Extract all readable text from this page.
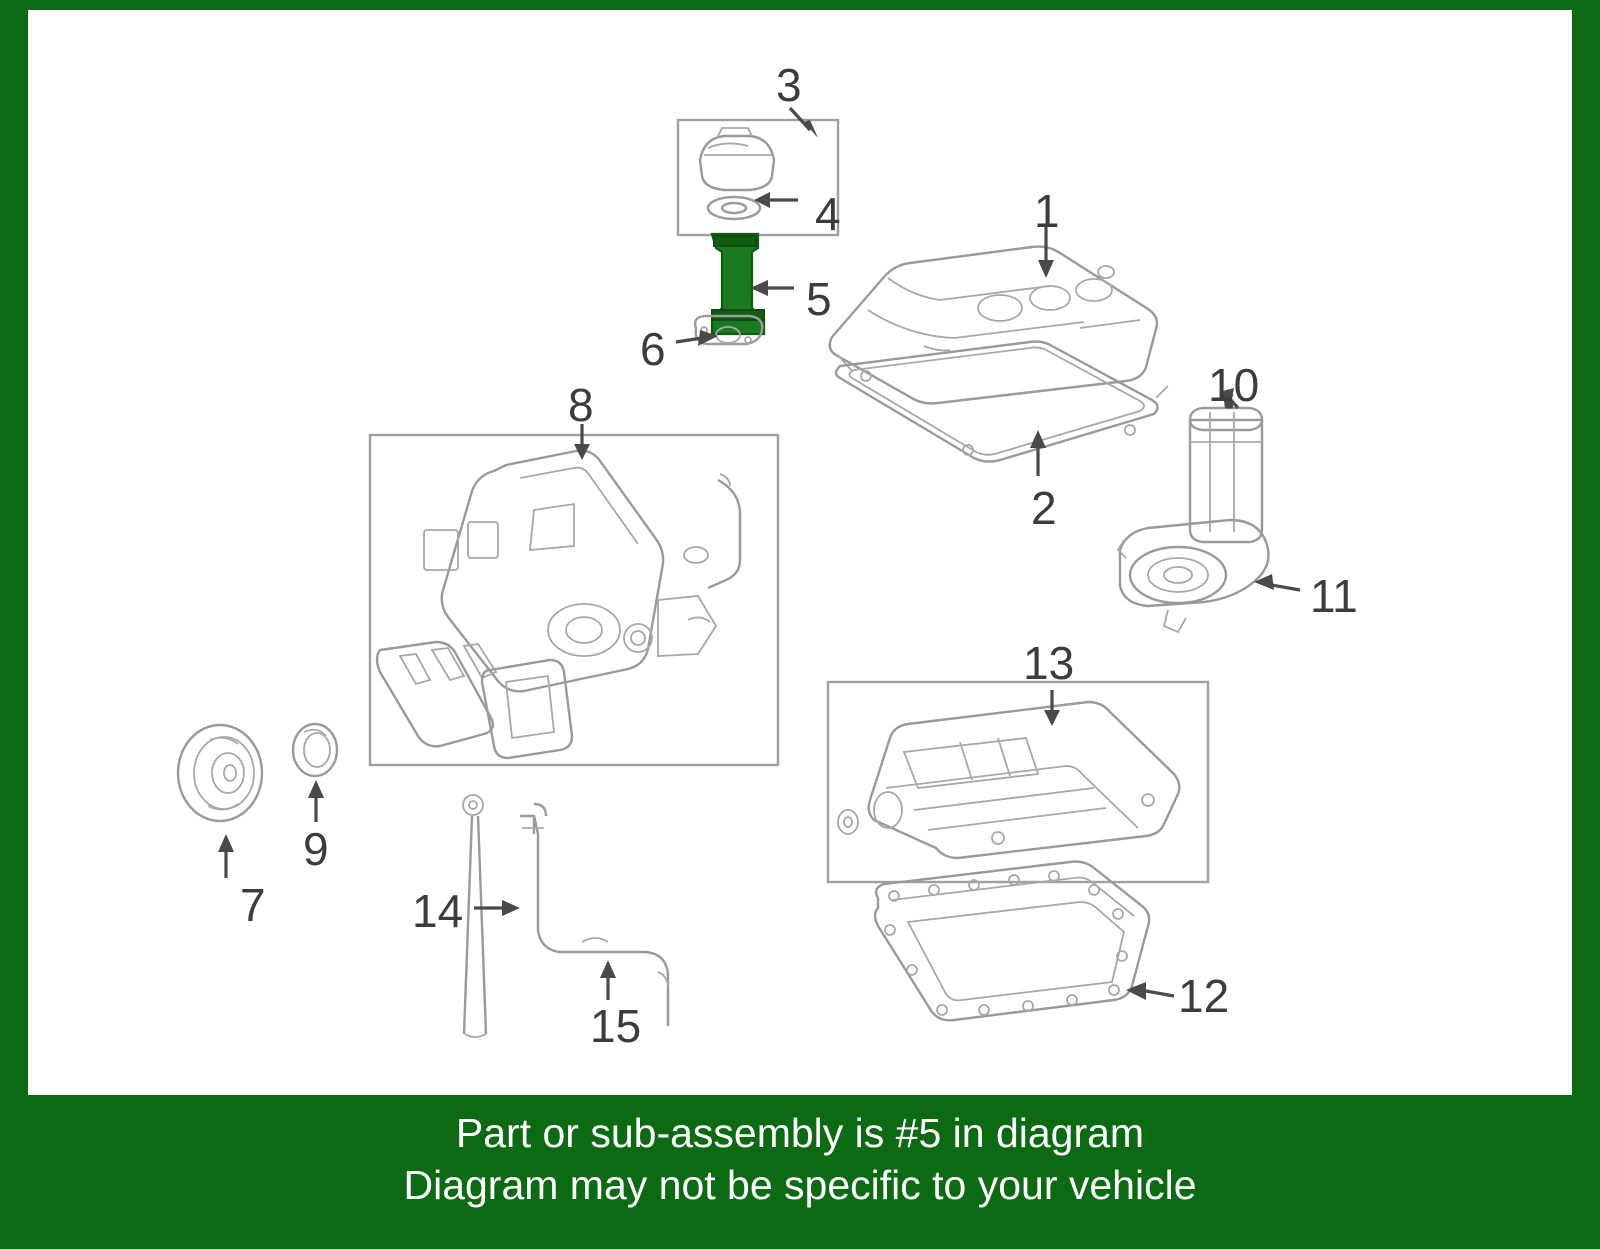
3
4
5
6
1
2
10
11
8
13
12
7
9
14
15
Part or sub-assembly is #5 in diagram
Diagram may not be specific to your vehicle
